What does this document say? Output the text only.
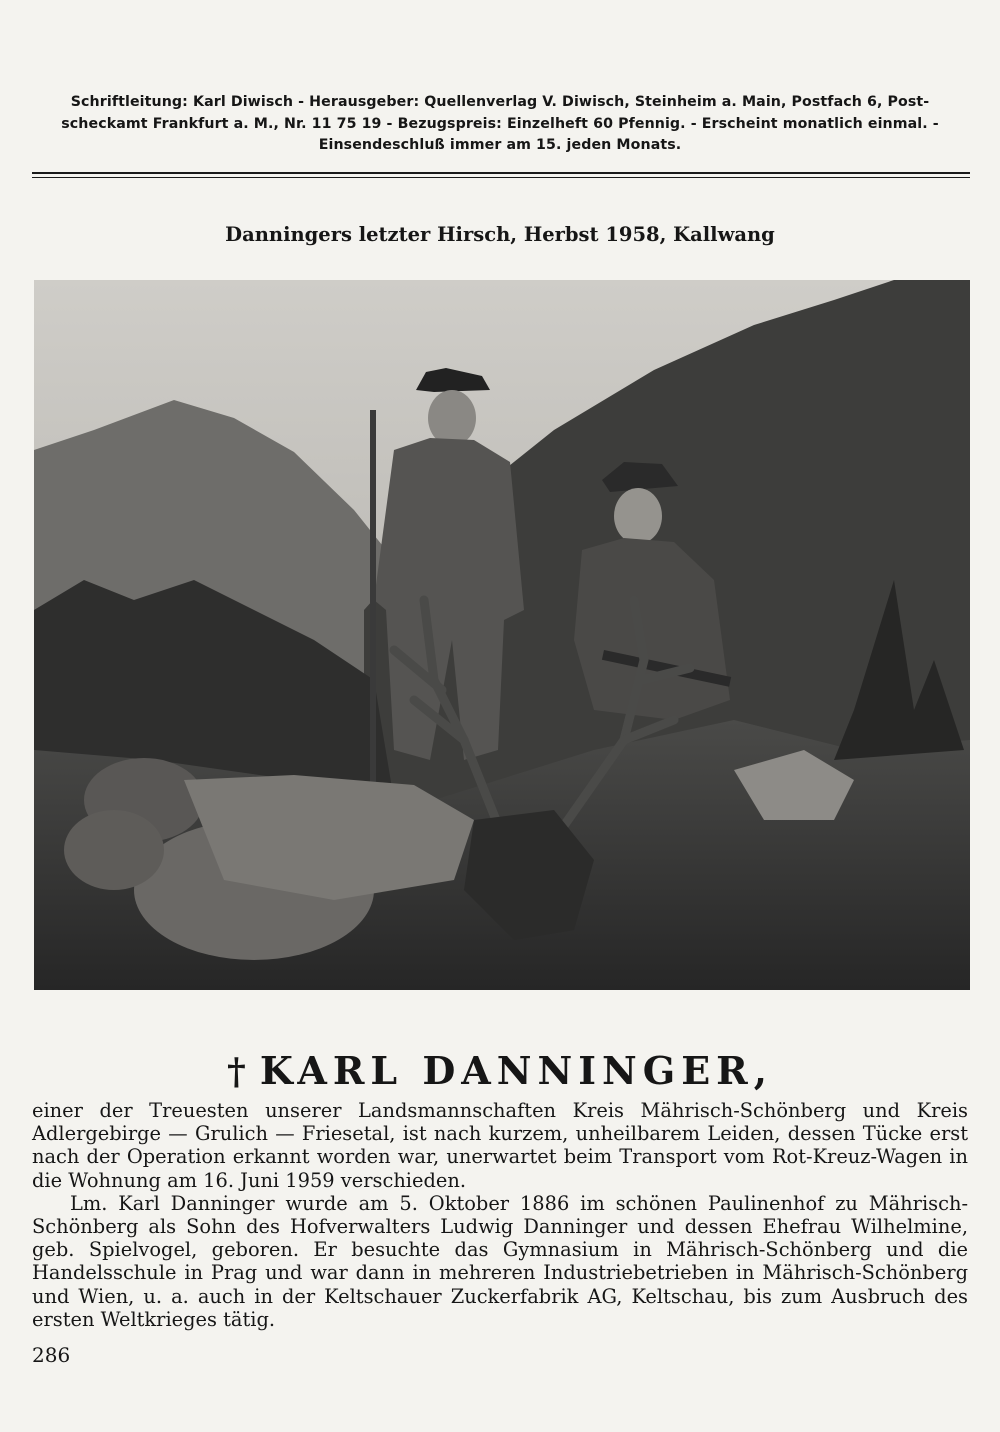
Schriftleitung: Karl Diwisch - Herausgeber: Quellenverlag V. Diwisch, Steinheim a. Main, Postfach 6, Post-
scheckamt Frankfurt a. M., Nr. 11 75 19 - Bezugspreis: Einzelheft 60 Pfennig. - Erscheint monatlich einmal. -
Einsendeschluß immer am 15. jeden Monats.
Danningers letzter Hirsch, Herbst 1958, Kallwang
† KARL DANNINGER,

einer der Treuesten unserer Landsmannschaften Kreis Mährisch-Schönberg und Kreis Adlergebirge — Grulich — Friesetal, ist nach kurzem, unheilbarem Leiden, dessen Tücke erst nach der Operation erkannt worden war, unerwartet beim Transport vom Rot-Kreuz-Wagen in die Wohnung am 16. Juni 1959 verschieden.

Lm. Karl Danninger wurde am 5. Oktober 1886 im schönen Paulinenhof zu Mährisch-Schönberg als Sohn des Hofverwalters Ludwig Danninger und dessen Ehefrau Wilhelmine, geb. Spielvogel, geboren. Er besuchte das Gymnasium in Mährisch-Schönberg und die Handelsschule in Prag und war dann in mehreren Industriebetrieben in Mährisch-Schönberg und Wien, u. a. auch in der Keltschauer Zuckerfabrik AG, Keltschau, bis zum Ausbruch des ersten Weltkrieges tätig.

286
